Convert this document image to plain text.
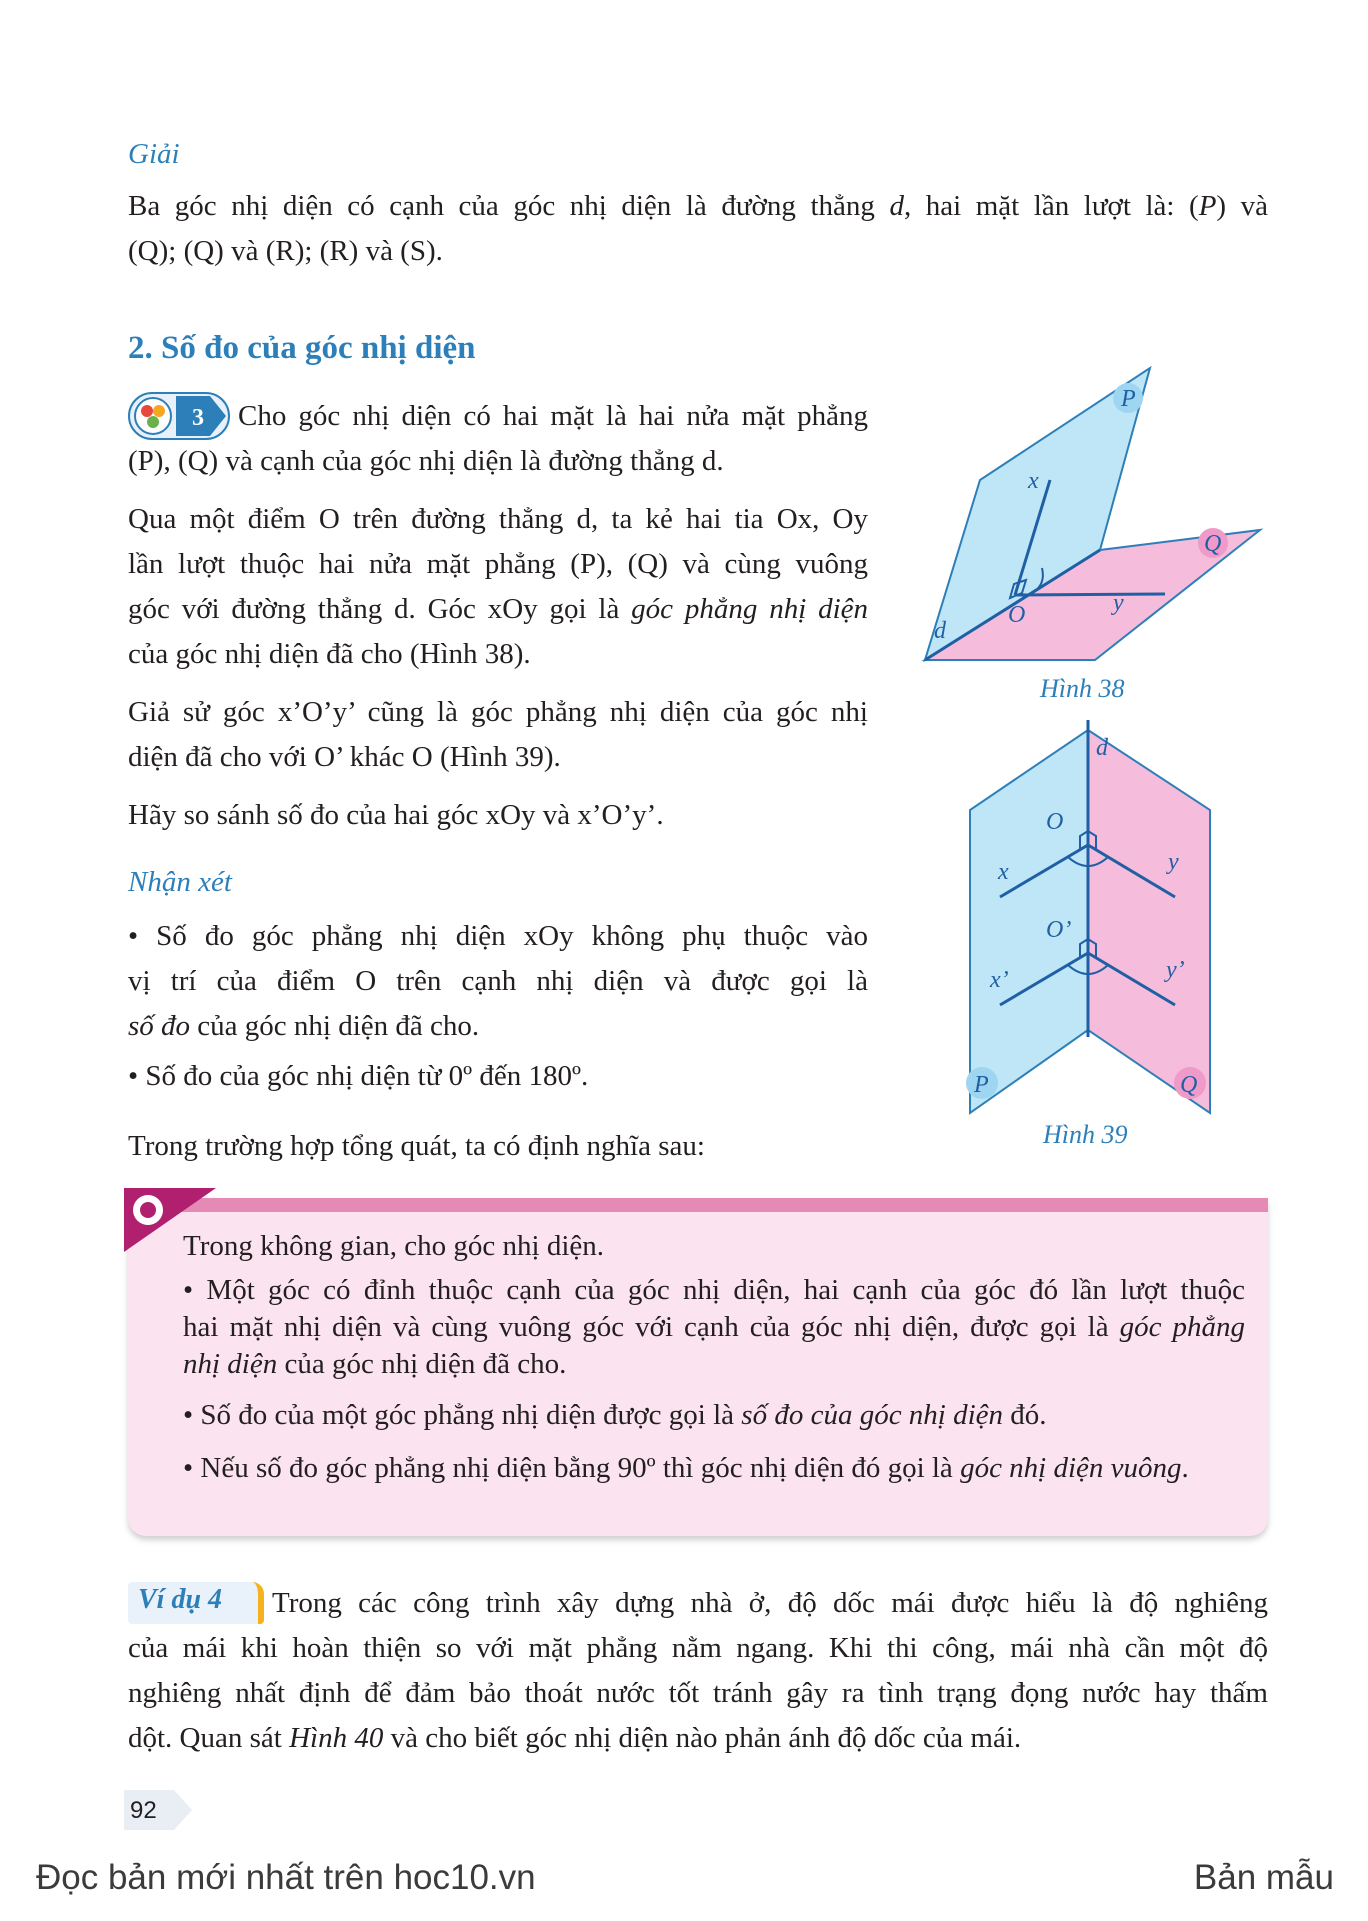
Giải

Ba góc nhị diện có cạnh của góc nhị diện là đường thẳng d, hai mặt lần lượt là: (P) và

(Q); (Q) và (R); (R) và (S).

2. Số đo của góc nhị diện
3 Cho góc nhị diện có hai mặt là hai nửa mặt phẳng

(P), (Q) và cạnh của góc nhị diện là đường thẳng d.

Qua một điểm O trên đường thẳng d, ta kẻ hai tia Ox, Oy

lần lượt thuộc hai nửa mặt phẳng (P), (Q) và cùng vuông

góc với đường thẳng d. Góc xOy gọi là góc phẳng nhị diện

của góc nhị diện đã cho (Hình 38).

Giả sử góc x’O’y’ cũng là góc phẳng nhị diện của góc nhị

diện đã cho với O’ khác O (Hình 39).

Hãy so sánh số đo của hai góc xOy và x’O’y’.

Nhận xét

• Số đo góc phẳng nhị diện xOy không phụ thuộc vào

vị trí của điểm O trên cạnh nhị diện và được gọi là

số đo của góc nhị diện đã cho.

• Số đo của góc nhị diện từ 0º đến 180º.

Trong trường hợp tổng quát, ta có định nghĩa sau:

P
Q
x
y
O
d
Hình 38
d
O
x	y
O’
x’	y’
P	Q
Hình 39
Trong không gian, cho góc nhị diện.
• Một góc có đỉnh thuộc cạnh của góc nhị diện, hai cạnh của góc đó lần lượt thuộc
hai mặt nhị diện và cùng vuông góc với cạnh của góc nhị diện, được gọi là góc phẳng
nhị diện của góc nhị diện đã cho.
• Số đo của một góc phẳng nhị diện được gọi là số đo của góc nhị diện đó.
• Nếu số đo góc phẳng nhị diện bằng 90º thì góc nhị diện đó gọi là góc nhị diện vuông.
Ví dụ 4 Trong các công trình xây dựng nhà ở, độ dốc mái được hiểu là độ nghiêng

của mái khi hoàn thiện so với mặt phẳng nằm ngang. Khi thi công, mái nhà cần một độ

nghiêng nhất định để đảm bảo thoát nước tốt tránh gây ra tình trạng đọng nước hay thấm

dột. Quan sát Hình 40 và cho biết góc nhị diện nào phản ánh độ dốc của mái.

92
Đọc bản mới nhất trên hoc10.vn	Bản mẫu
